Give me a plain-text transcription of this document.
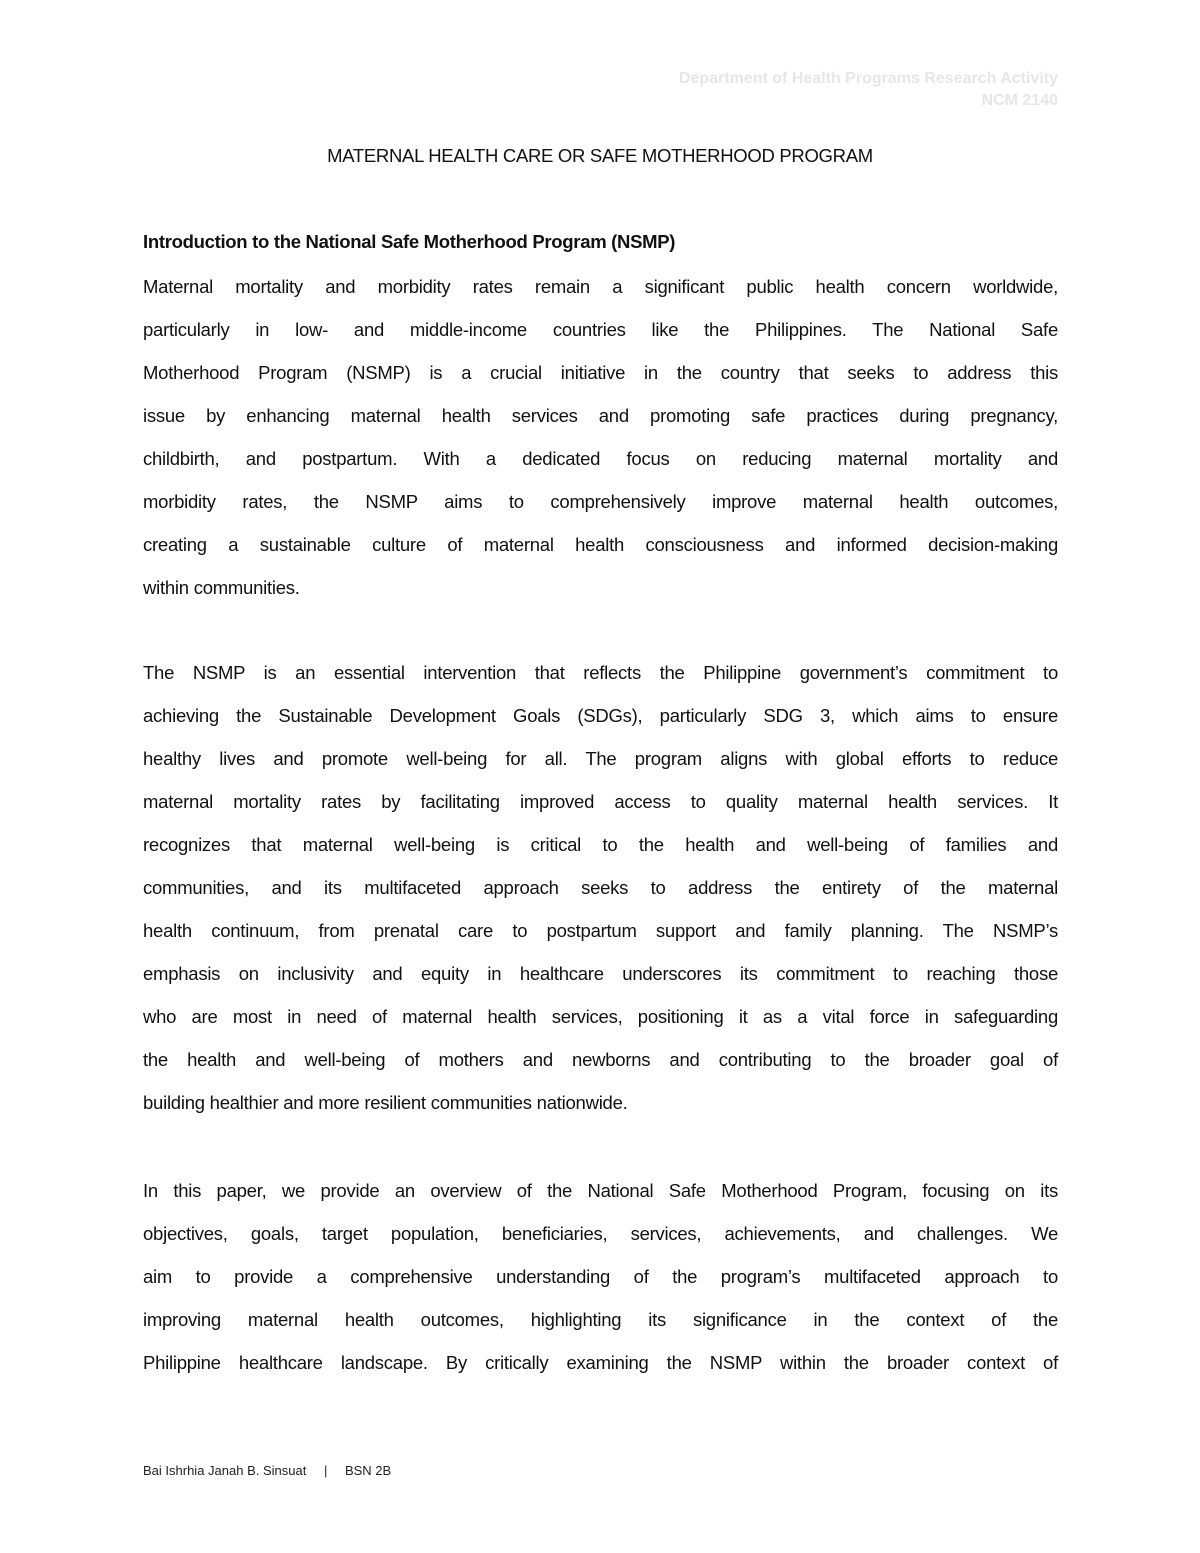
Department of Health Programs Research Activity
NCM 2140
MATERNAL HEALTH CARE OR SAFE MOTHERHOOD PROGRAM
Introduction to the National Safe Motherhood Program (NSMP)
Maternal mortality and morbidity rates remain a significant public health concern worldwide,
particularly in low- and middle-income countries like the Philippines. The National Safe
Motherhood Program (NSMP) is a crucial initiative in the country that seeks to address this
issue by enhancing maternal health services and promoting safe practices during pregnancy,
childbirth, and postpartum. With a dedicated focus on reducing maternal mortality and
morbidity rates, the NSMP aims to comprehensively improve maternal health outcomes,
creating a sustainable culture of maternal health consciousness and informed decision-making
within communities.
The NSMP is an essential intervention that reflects the Philippine government’s commitment to
achieving the Sustainable Development Goals (SDGs), particularly SDG 3, which aims to ensure
healthy lives and promote well-being for all. The program aligns with global efforts to reduce
maternal mortality rates by facilitating improved access to quality maternal health services. It
recognizes that maternal well-being is critical to the health and well-being of families and
communities, and its multifaceted approach seeks to address the entirety of the maternal
health continuum, from prenatal care to postpartum support and family planning. The NSMP’s
emphasis on inclusivity and equity in healthcare underscores its commitment to reaching those
who are most in need of maternal health services, positioning it as a vital force in safeguarding
the health and well-being of mothers and newborns and contributing to the broader goal of
building healthier and more resilient communities nationwide.
In this paper, we provide an overview of the National Safe Motherhood Program, focusing on its
objectives, goals, target population, beneficiaries, services, achievements, and challenges. We
aim to provide a comprehensive understanding of the program’s multifaceted approach to
improving maternal health outcomes, highlighting its significance in the context of the
Philippine healthcare landscape. By critically examining the NSMP within the broader context of
Bai Ishrhia Janah B. Sinsuat | BSN 2B
